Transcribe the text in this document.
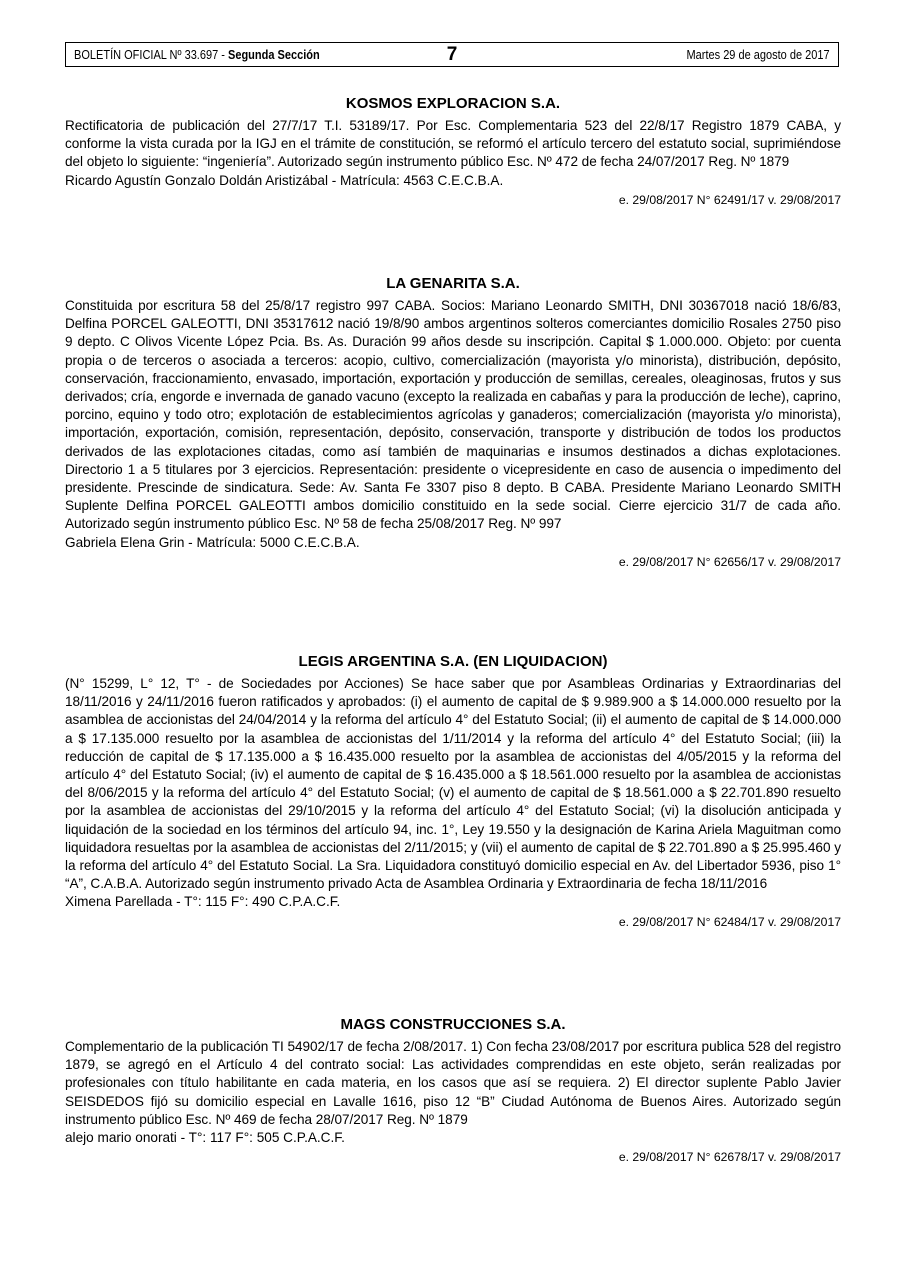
BOLETÍN OFICIAL Nº 33.697 - Segunda Sección	7	Martes 29 de agosto de 2017
KOSMOS EXPLORACION S.A.

Rectificatoria de publicación del 27/7/17 T.I. 53189/17. Por Esc. Complementaria 523 del 22/8/17 Registro 1879 CABA, y conforme la vista curada por la IGJ en el trámite de constitución, se reformó el artículo tercero del estatuto social, suprimiéndose del objeto lo siguiente: “ingeniería”. Autorizado según instrumento público Esc. Nº 472 de fecha 24/07/2017 Reg. Nº 1879

Ricardo Agustín Gonzalo Doldán Aristizábal - Matrícula: 4563 C.E.C.B.A.

e. 29/08/2017 N° 62491/17 v. 29/08/2017

LA GENARITA S.A.

Constituida por escritura 58 del 25/8/17 registro 997 CABA. Socios: Mariano Leonardo SMITH, DNI 30367018 nació 18/6/83, Delfina PORCEL GALEOTTI, DNI 35317612 nació 19/8/90 ambos argentinos solteros comerciantes domicilio Rosales 2750 piso 9 depto. C Olivos Vicente López Pcia. Bs. As. Duración 99 años desde su inscripción. Capital $ 1.000.000. Objeto: por cuenta propia o de terceros o asociada a terceros: acopio, cultivo, comercialización (mayorista y/o minorista), distribución, depósito, conservación, fraccionamiento, envasado, importación, exportación y producción de semillas, cereales, oleaginosas, frutos y sus derivados; cría, engorde e invernada de ganado vacuno (excepto la realizada en cabañas y para la producción de leche), caprino, porcino, equino y todo otro; explotación de establecimientos agrícolas y ganaderos; comercialización (mayorista y/o minorista), importación, exportación, comisión, representación, depósito, conservación, transporte y distribución de todos los productos derivados de las explotaciones citadas, como así también de maquinarias e insumos destinados a dichas explotaciones. Directorio 1 a 5 titulares por 3 ejercicios. Representación: presidente o vicepresidente en caso de ausencia o impedimento del presidente. Prescinde de sindicatura. Sede: Av. Santa Fe 3307 piso 8 depto. B CABA. Presidente Mariano Leonardo SMITH Suplente Delfina PORCEL GALEOTTI ambos domicilio constituido en la sede social. Cierre ejercicio 31/7 de cada año. Autorizado según instrumento público Esc. Nº 58 de fecha 25/08/2017 Reg. Nº 997

Gabriela Elena Grin - Matrícula: 5000 C.E.C.B.A.

e. 29/08/2017 N° 62656/17 v. 29/08/2017

LEGIS ARGENTINA S.A. (EN LIQUIDACION)

(N° 15299, L° 12, T° - de Sociedades por Acciones) Se hace saber que por Asambleas Ordinarias y Extraordinarias del 18/11/2016 y 24/11/2016 fueron ratificados y aprobados: (i) el aumento de capital de $ 9.989.900 a $ 14.000.000 resuelto por la asamblea de accionistas del 24/04/2014 y la reforma del artículo 4° del Estatuto Social; (ii) el aumento de capital de $ 14.000.000 a $ 17.135.000 resuelto por la asamblea de accionistas del 1/11/2014 y la reforma del artículo 4° del Estatuto Social; (iii) la reducción de capital de $ 17.135.000 a $ 16.435.000 resuelto por la asamblea de accionistas del 4/05/2015 y la reforma del artículo 4° del Estatuto Social; (iv) el aumento de capital de $ 16.435.000 a $ 18.561.000 resuelto por la asamblea de accionistas del 8/06/2015 y la reforma del artículo 4° del Estatuto Social; (v) el aumento de capital de $ 18.561.000 a $ 22.701.890 resuelto por la asamblea de accionistas del 29/10/2015 y la reforma del artículo 4° del Estatuto Social; (vi) la disolución anticipada y liquidación de la sociedad en los términos del artículo 94, inc. 1°, Ley 19.550 y la designación de Karina Ariela Maguitman como liquidadora resueltas por la asamblea de accionistas del 2/11/2015; y (vii) el aumento de capital de $ 22.701.890 a $ 25.995.460 y la reforma del artículo 4° del Estatuto Social. La Sra. Liquidadora constituyó domicilio especial en Av. del Libertador 5936, piso 1° “A”, C.A.B.A. Autorizado según instrumento privado Acta de Asamblea Ordinaria y Extraordinaria de fecha 18/11/2016

Ximena Parellada - T°: 115 F°: 490 C.P.A.C.F.

e. 29/08/2017 N° 62484/17 v. 29/08/2017

MAGS CONSTRUCCIONES S.A.

Complementario de la publicación TI 54902/17 de fecha 2/08/2017. 1) Con fecha 23/08/2017 por escritura publica 528 del registro 1879, se agregó en el Artículo 4 del contrato social: Las actividades comprendidas en este objeto, serán realizadas por profesionales con título habilitante en cada materia, en los casos que así se requiera. 2) El director suplente Pablo Javier SEISDEDOS fijó su domicilio especial en Lavalle 1616, piso 12 “B” Ciudad Autónoma de Buenos Aires. Autorizado según instrumento público Esc. Nº 469 de fecha 28/07/2017 Reg. Nº 1879

alejo mario onorati - T°: 117 F°: 505 C.P.A.C.F.

e. 29/08/2017 N° 62678/17 v. 29/08/2017
